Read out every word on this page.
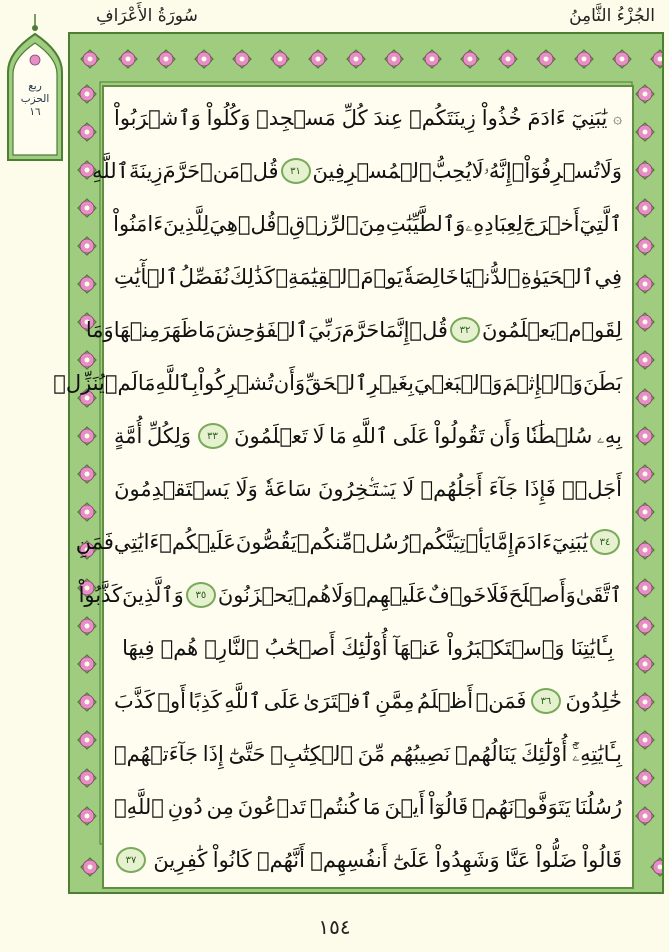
الجُزْءُ الثَّامِنُ
سُورَةُ الأَعْرَافِ
ربع
الحزب
١٦	۞
يَٰبَنِيٓ
ءَادَمَ
خُذُواْ
زِينَتَكُمۡ
عِندَ
كُلِّ
مَسۡجِدٖ
وَكُلُواْ
وَٱشۡرَبُواْ
وَلَا
تُسۡرِفُوٓاْۚ
إِنَّهُۥ
لَا
يُحِبُّ
ٱلۡمُسۡرِفِينَ
٣١
قُلۡ
مَنۡ
حَرَّمَ
زِينَةَ
ٱللَّهِ
ٱلَّتِيٓ
أَخۡرَجَ
لِعِبَادِهِۦ
وَٱلطَّيِّبَٰتِ
مِنَ
ٱلرِّزۡقِۚ
قُلۡ
هِيَ
لِلَّذِينَ
ءَامَنُواْ
فِي
ٱلۡحَيَوٰةِ
ٱلدُّنۡيَا
خَالِصَةٗ
يَوۡمَ
ٱلۡقِيَٰمَةِۗ
كَذَٰلِكَ
نُفَصِّلُ
ٱلۡأٓيَٰتِ
لِقَوۡمٖ
يَعۡلَمُونَ
٣٢
قُلۡ
إِنَّمَا
حَرَّمَ
رَبِّيَ
ٱلۡفَوَٰحِشَ
مَا
ظَهَرَ
مِنۡهَا
وَمَا
بَطَنَ
وَٱلۡإِثۡمَ
وَٱلۡبَغۡيَ
بِغَيۡرِ
ٱلۡحَقِّ
وَأَن
تُشۡرِكُواْ
بِٱللَّهِ
مَا
لَمۡ
يُنَزِّلۡ
بِهِۦ
سُلۡطَٰنٗا
وَأَن
تَقُولُواْ
عَلَى
ٱللَّهِ
مَا
لَا
تَعۡلَمُونَ
٣٣
وَلِكُلِّ
أُمَّةٍ
أَجَلٞۖ
فَإِذَا
جَآءَ
أَجَلُهُمۡ
لَا
يَسۡتَـٔۡخِرُونَ
سَاعَةٗ
وَلَا
يَسۡتَقۡدِمُونَ
٣٤
يَٰبَنِيٓ
ءَادَمَ
إِمَّا
يَأۡتِيَنَّكُمۡ
رُسُلٞ
مِّنكُمۡ
يَقُصُّونَ
عَلَيۡكُمۡ
ءَايَٰتِي
فَمَنِ
ٱتَّقَىٰ
وَأَصۡلَحَ
فَلَا
خَوۡفٌ
عَلَيۡهِمۡ
وَلَا
هُمۡ
يَحۡزَنُونَ
٣٥
وَٱلَّذِينَ
كَذَّبُواْ
بِـَٔايَٰتِنَا
وَٱسۡتَكۡبَرُواْ
عَنۡهَآ
أُوْلَٰٓئِكَ
أَصۡحَٰبُ
ٱلنَّارِۖ
هُمۡ
فِيهَا
خَٰلِدُونَ
٣٦
فَمَنۡ
أَظۡلَمُ
مِمَّنِ
ٱفۡتَرَىٰ
عَلَى
ٱللَّهِ
كَذِبًا
أَوۡ
كَذَّبَ
بِـَٔايَٰتِهِۦٓۚ
أُوْلَٰٓئِكَ
يَنَالُهُمۡ
نَصِيبُهُم
مِّنَ
ٱلۡكِتَٰبِۖ
حَتَّىٰٓ
إِذَا
جَآءَتۡهُمۡ
رُسُلُنَا
يَتَوَفَّوۡنَهُمۡ
قَالُوٓاْ
أَيۡنَ
مَا
كُنتُمۡ
تَدۡعُونَ
مِن
دُونِ
ٱللَّهِۖ
قَالُواْ
ضَلُّواْ
عَنَّا
وَشَهِدُواْ
عَلَىٰٓ
أَنفُسِهِمۡ
أَنَّهُمۡ
كَانُواْ
كَٰفِرِينَ
٣٧
١٥٤
